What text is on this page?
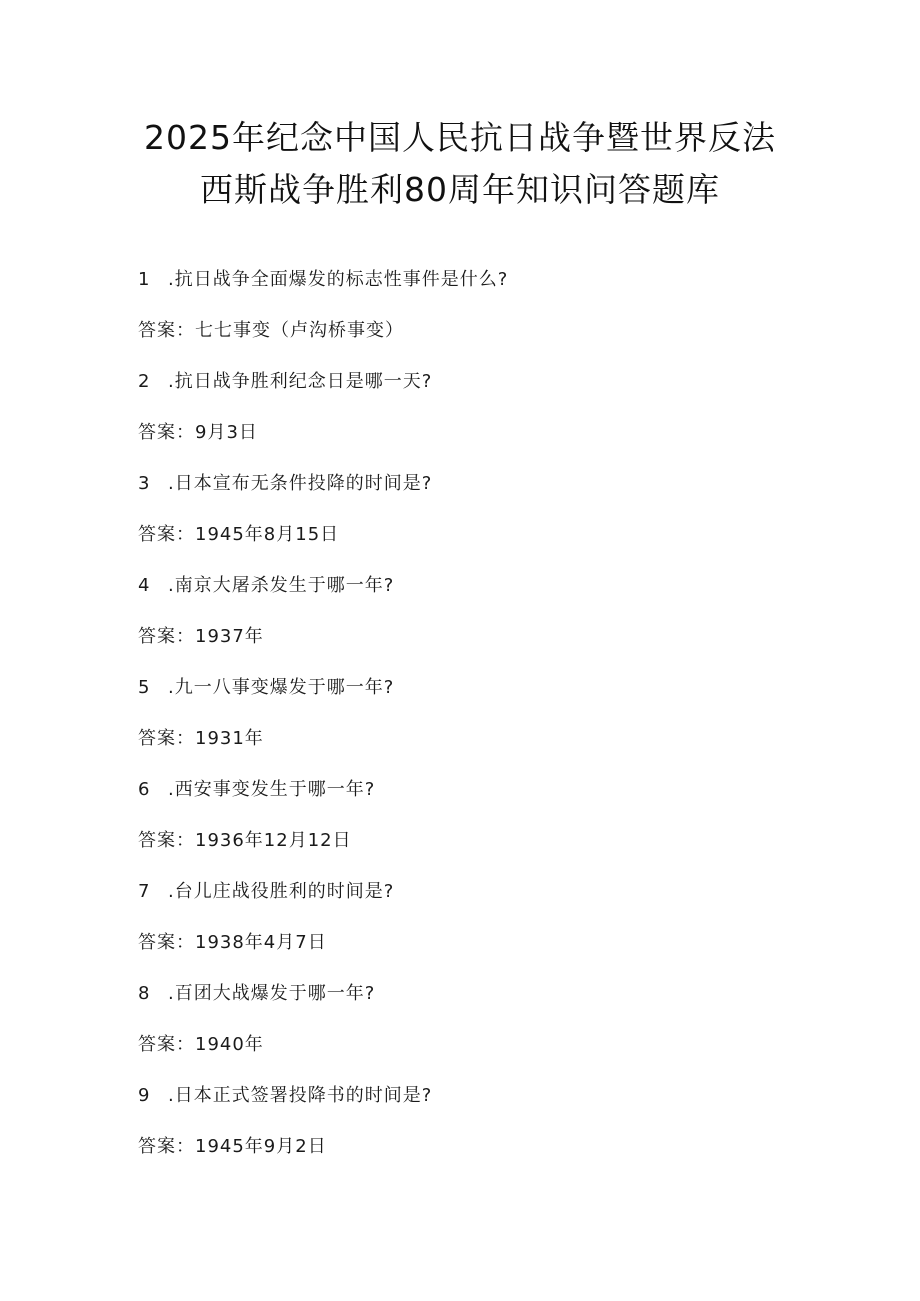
2025年纪念中国人民抗日战争暨世界反法
西斯战争胜利80周年知识问答题库
1 .抗日战争全面爆发的标志性事件是什么?
答案：七七事变（卢沟桥事变）
2 .抗日战争胜利纪念日是哪一天?
答案：9月3日
3 .日本宣布无条件投降的时间是?
答案：1945年8月15日
4 .南京大屠杀发生于哪一年?
答案：1937年
5 .九一八事变爆发于哪一年?
答案：1931年
6 .西安事变发生于哪一年?
答案：1936年12月12日
7 .台儿庄战役胜利的时间是?
答案：1938年4月7日
8 .百团大战爆发于哪一年?
答案：1940年
9 .日本正式签署投降书的时间是?
答案：1945年9月2日
